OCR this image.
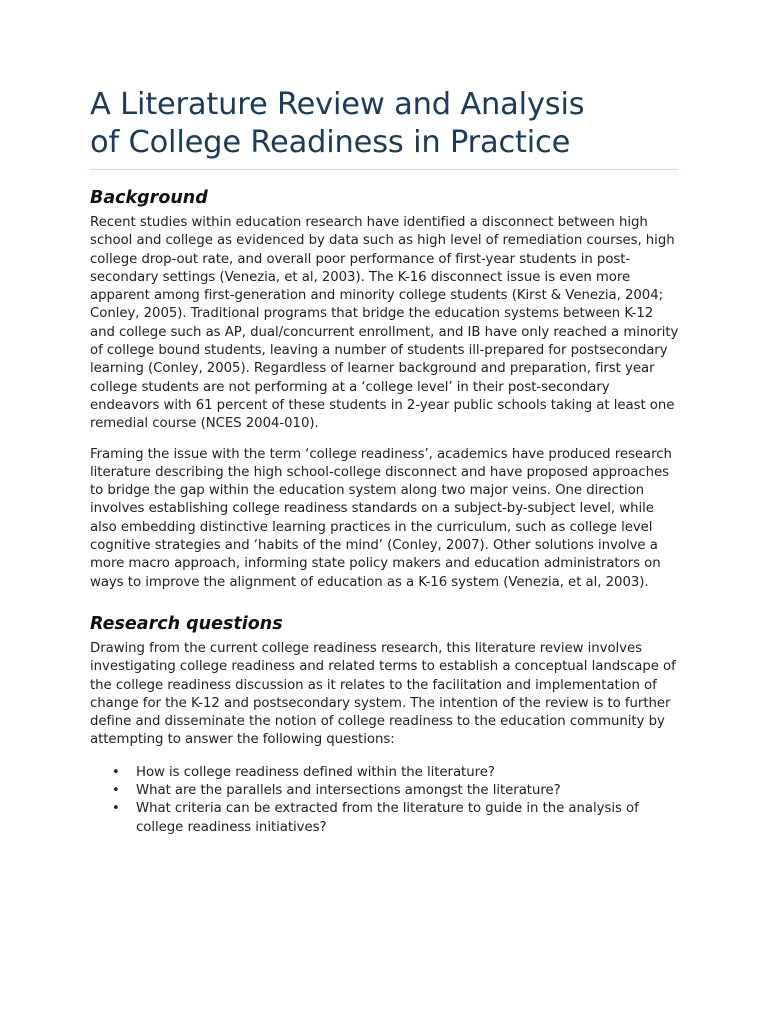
A Literature Review and Analysis
of College Readiness in Practice
Background

Recent studies within education research have identified a disconnect between high school and college as evidenced by data such as high level of remediation courses, high college drop-out rate, and overall poor performance of first-year students in post-secondary settings (Venezia, et al, 2003). The K-16 disconnect issue is even more apparent among first-generation and minority college students (Kirst & Venezia, 2004; Conley, 2005). Traditional programs that bridge the education systems between K-12 and college such as AP, dual/concurrent enrollment, and IB have only reached a minority of college bound students, leaving a number of students ill-prepared for postsecondary learning (Conley, 2005). Regardless of learner background and preparation, first year college students are not performing at a ‘college level’ in their post-secondary endeavors with 61 percent of these students in 2-year public schools taking at least one remedial course (NCES 2004-010).

Framing the issue with the term ‘college readiness’, academics have produced research literature describing the high school-college disconnect and have proposed approaches to bridge the gap within the education system along two major veins. One direction involves establishing college readiness standards on a subject-by-subject level, while also embedding distinctive learning practices in the curriculum, such as college level cognitive strategies and ‘habits of the mind’ (Conley, 2007). Other solutions involve a more macro approach, informing state policy makers and education administrators on ways to improve the alignment of education as a K-16 system (Venezia, et al, 2003).

Research questions

Drawing from the current college readiness research, this literature review involves investigating college readiness and related terms to establish a conceptual landscape of the college readiness discussion as it relates to the facilitation and implementation of change for the K-12 and postsecondary system. The intention of the review is to further define and disseminate the notion of college readiness to the education community by attempting to answer the following questions:

• How is college readiness defined within the literature?
• What are the parallels and intersections amongst the literature?
• What criteria can be extracted from the literature to guide in the analysis of college readiness initiatives?
